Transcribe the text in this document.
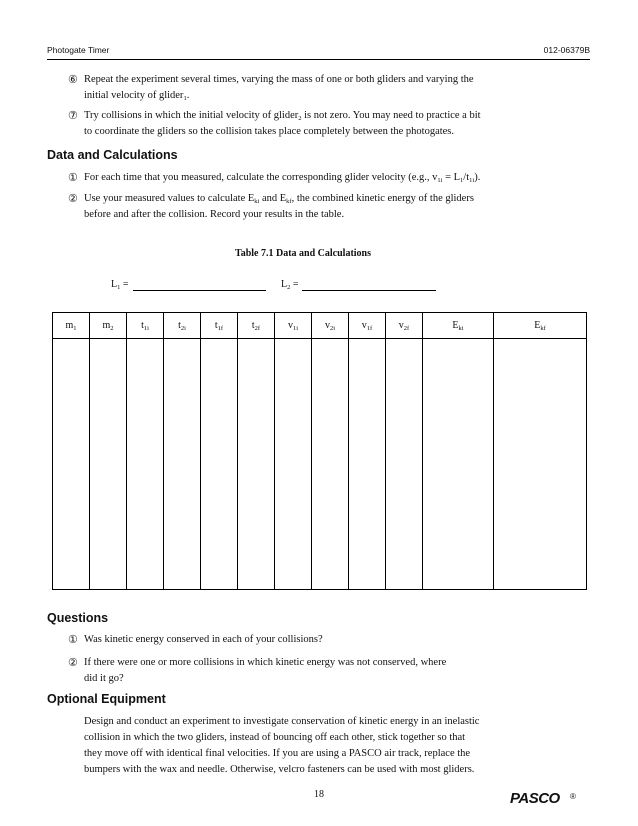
Photogate Timer	012-06379B
⑥ Repeat the experiment several times, varying the mass of one or both gliders and varying the
initial velocity of glider$_1$.
⑦ Try collisions in which the initial velocity of glider$_2$ is not zero. You may need to practice a bit
to coordinate the gliders so the collision takes place completely between the photogates.
Data and Calculations
① For each time that you measured, calculate the corresponding glider velocity (e.g., $v_{1i} = L_1/t_{1i}$).
② Use your measured values to calculate $E_{ki}$ and $E_{kf}$, the combined kinetic energy of the gliders
before and after the collision. Record your results in the table.
Table 7.1 Data and Calculations
$L_1$ =	$L_2$ =
$m_1$	$m_2$	$t_{1i}$	$t_{2i}$	$t_{1f}$	$t_{2f}$	$v_{1i}$	$v_{2i}$	$v_{1f}$	$v_{2f}$	$E_{ki}$	$E_{kf}$

Questions
① Was kinetic energy conserved in each of your collisions?
② If there were one or more collisions in which kinetic energy was not conserved, where
did it go?
Optional Equipment
Design and conduct an experiment to investigate conservation of kinetic energy in an inelastic
collision in which the two gliders, instead of bouncing off each other, stick together so that
they move off with identical final velocities. If you are using a PASCO air track, replace the
bumpers with the wax and needle. Otherwise, velcro fasteners can be used with most gliders.
18	PASCO ®
